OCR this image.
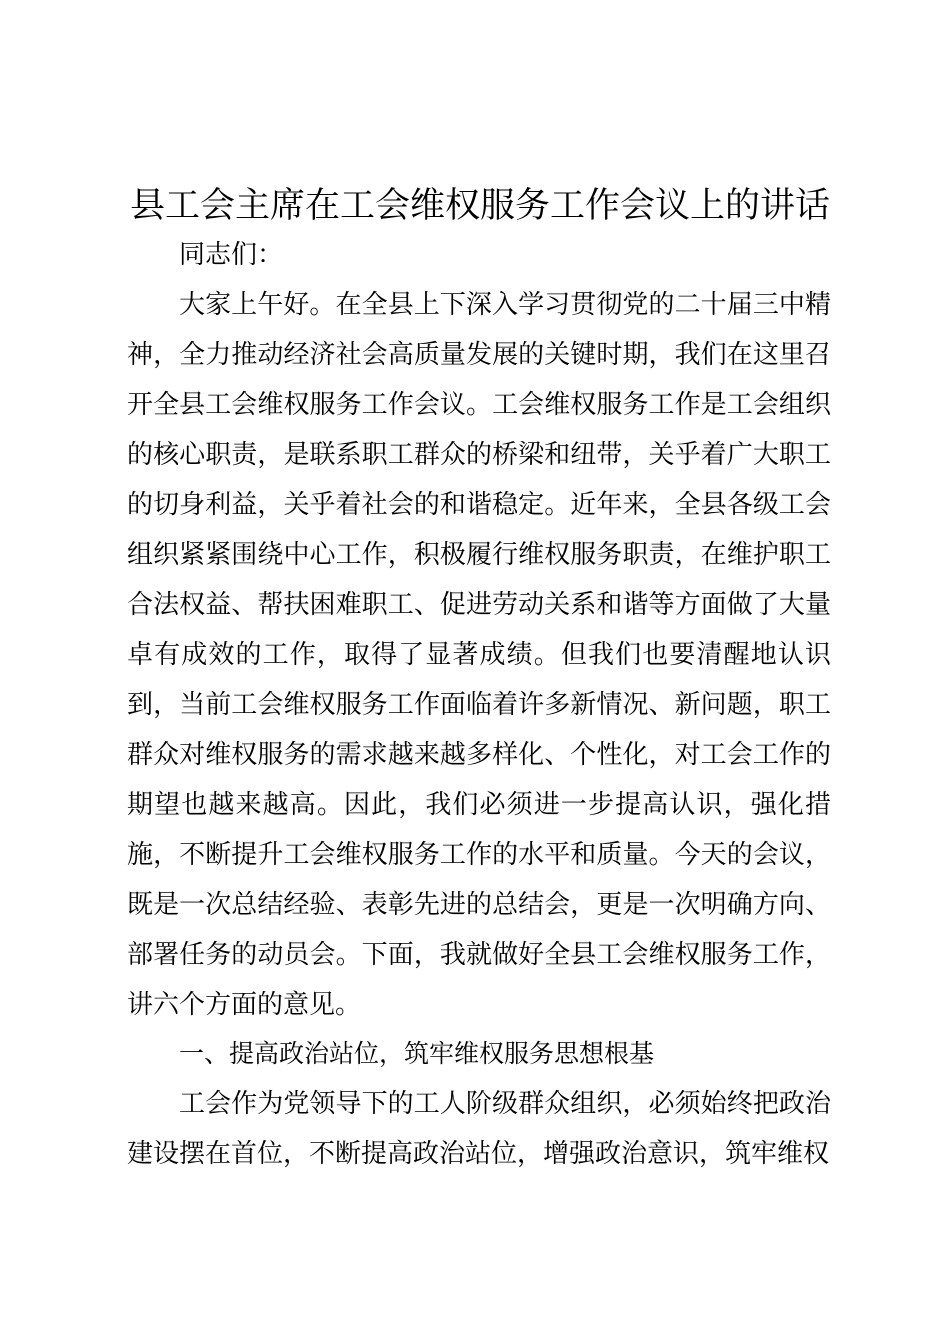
县工会主席在工会维权服务工作会议上的讲话

同志们：

大家上午好。在全县上下深入学习贯彻党的二十届三中精神，全力推动经济社会高质量发展的关键时期，我们在这里召开全县工会维权服务工作会议。工会维权服务工作是工会组织的核心职责，是联系职工群众的桥梁和纽带，关乎着广大职工的切身利益，关乎着社会的和谐稳定。近年来，全县各级工会组织紧紧围绕中心工作，积极履行维权服务职责，在维护职工合法权益、帮扶困难职工、促进劳动关系和谐等方面做了大量卓有成效的工作，取得了显著成绩。但我们也要清醒地认识到，当前工会维权服务工作面临着许多新情况、新问题，职工群众对维权服务的需求越来越多样化、个性化，对工会工作的期望也越来越高。因此，我们必须进一步提高认识，强化措施，不断提升工会维权服务工作的水平和质量。今天的会议，既是一次总结经验、表彰先进的总结会，更是一次明确方向、部署任务的动员会。下面，我就做好全县工会维权服务工作，讲六个方面的意见。

一、提高政治站位，筑牢维权服务思想根基

工会作为党领导下的工人阶级群众组织，必须始终把政治建设摆在首位，不断提高政治站位，增强政治意识，筑牢维权
